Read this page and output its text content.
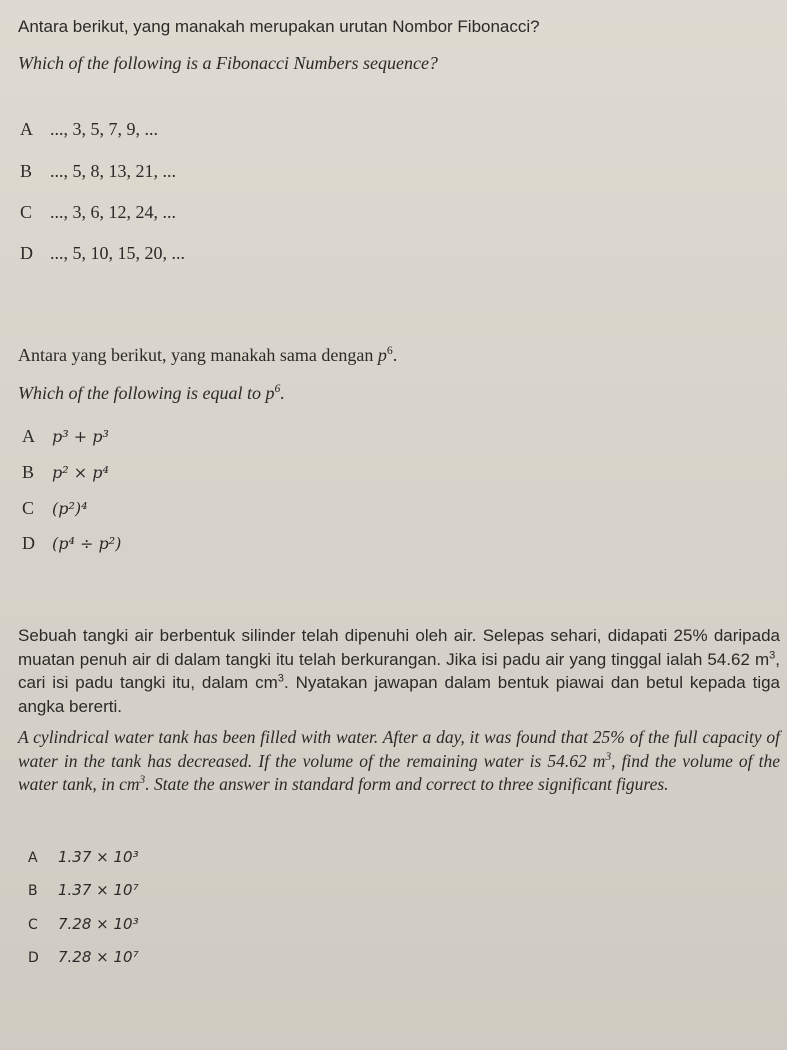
Antara berikut, yang manakah merupakan urutan Nombor Fibonacci?
Which of the following is a Fibonacci Numbers sequence?
A ..., 3, 5, 7, 9, ...
B ..., 5, 8, 13, 21, ...
C ..., 3, 6, 12, 24, ...
D ..., 5, 10, 15, 20, ...
Antara yang berikut, yang manakah sama dengan $p^6$.
Which of the following is equal to $p^6$.
A p³ + p³
B p² × p⁴
C (p²)⁴
D (p⁴ ÷ p²)
Sebuah tangki air berbentuk silinder telah dipenuhi oleh air. Selepas sehari, didapati 25% daripada muatan penuh air di dalam tangki itu telah berkurangan. Jika isi padu air yang tinggal ialah 54.62 $m^3$, cari isi padu tangki itu, dalam $cm^3$. Nyatakan jawapan dalam bentuk piawai dan betul kepada tiga angka bererti.
A cylindrical water tank has been filled with water. After a day, it was found that 25% of the full capacity of water in the tank has decreased. If the volume of the remaining water is 54.62 $m^3$, find the volume of the water tank, in $cm^3$. State the answer in standard form and correct to three significant figures.
A 1.37 × 10³
B 1.37 × 10⁷
C 7.28 × 10³
D 7.28 × 10⁷
